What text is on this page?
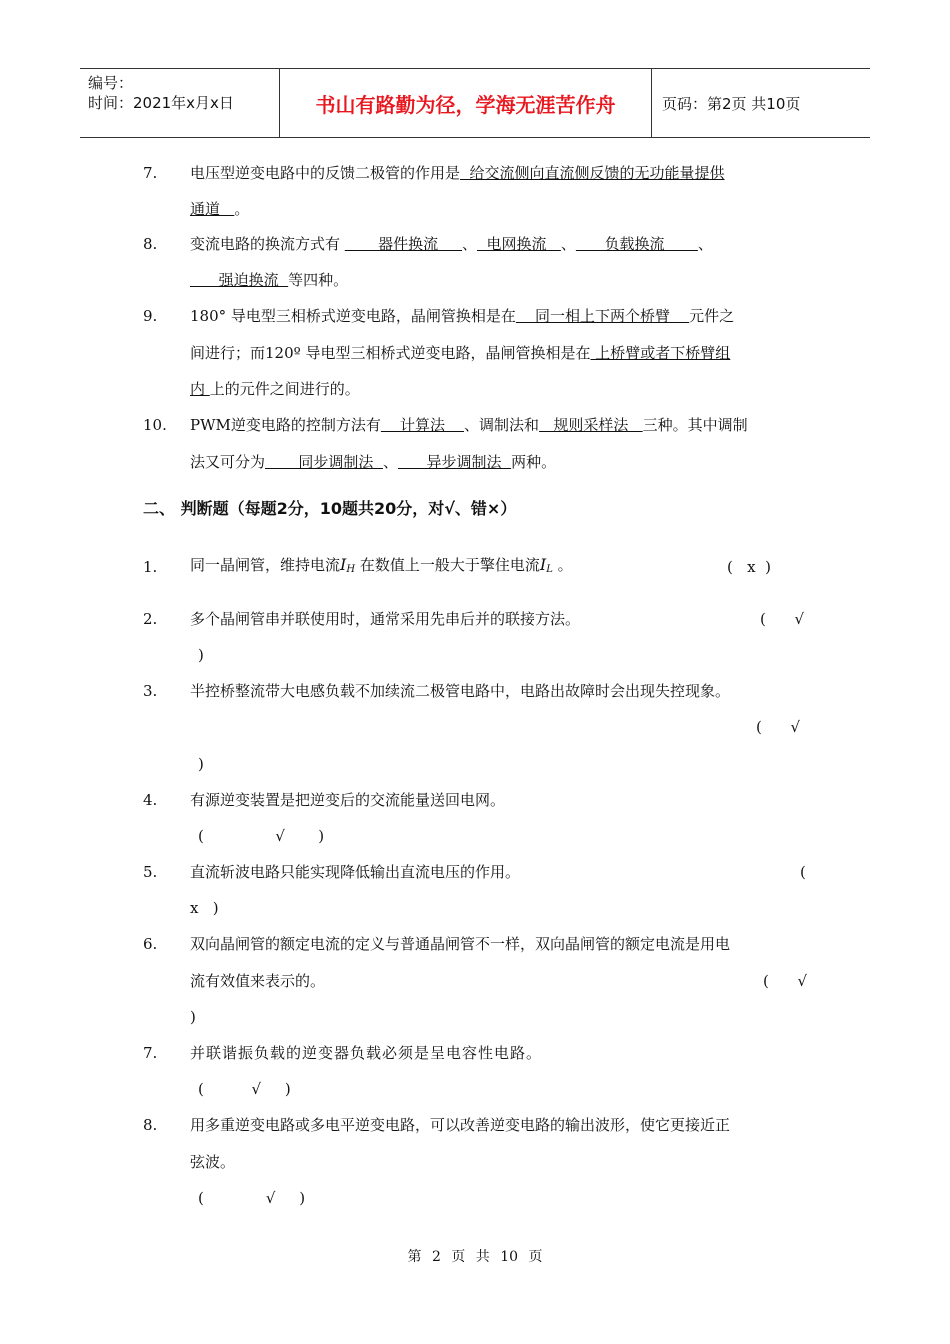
编号：
时间：2021年x月x日	书山有路勤为径，学海无涯苦作舟	页码：第2页 共10页
7. 电压型逆变电路中的反馈二极管的作用是  给交流侧向直流侧反馈的无功能量提供
通道   。
8. 变流电路的换流方式有        器件换流     、  电网换流   、      负载换流       、
强迫换流  等四种。
9. 180° 导电型三相桥式逆变电路，晶闸管换相是在    同一相上下两个桥臂    元件之
间进行；而120º 导电型三相桥式逆变电路，晶闸管换相是在 上桥臂或者下桥臂组
内 上的元件之间进行的。
10. PWM逆变电路的控制方法有    计算法    、调制法和   规则采样法   三种。其中调制
法又可分为       同步调制法  、      异步调制法  两种。
二、 判断题（每题2分，10题共20分，对√、错×）
1. 同一晶闸管，维持电流$I_H$ 在数值上一般大于擎住电流$I_L$ 。	(   x  )
2. 多个晶闸管串并联使用时，通常采用先串后并的联接方法。	(      √
)
3. 半控桥整流带大电感负载不加续流二极管电路中，电路出故障时会出现失控现象。
(      √
)
4. 有源逆变装置是把逆变后的交流能量送回电网。
(               √       )
5. 直流斩波电路只能实现降低输出直流电压的作用。	(
x   )
6. 双向晶闸管的额定电流的定义与普通晶闸管不一样，双向晶闸管的额定电流是用电
流有效值来表示的。	(      √
)
7. 并联谐振负载的逆变器负载必须是呈电容性电路。
(          √     )
8. 用多重逆变电路或多电平逆变电路，可以改善逆变电路的输出波形，使它更接近正
弦波。
(             √     )
第 2 页 共 10 页
